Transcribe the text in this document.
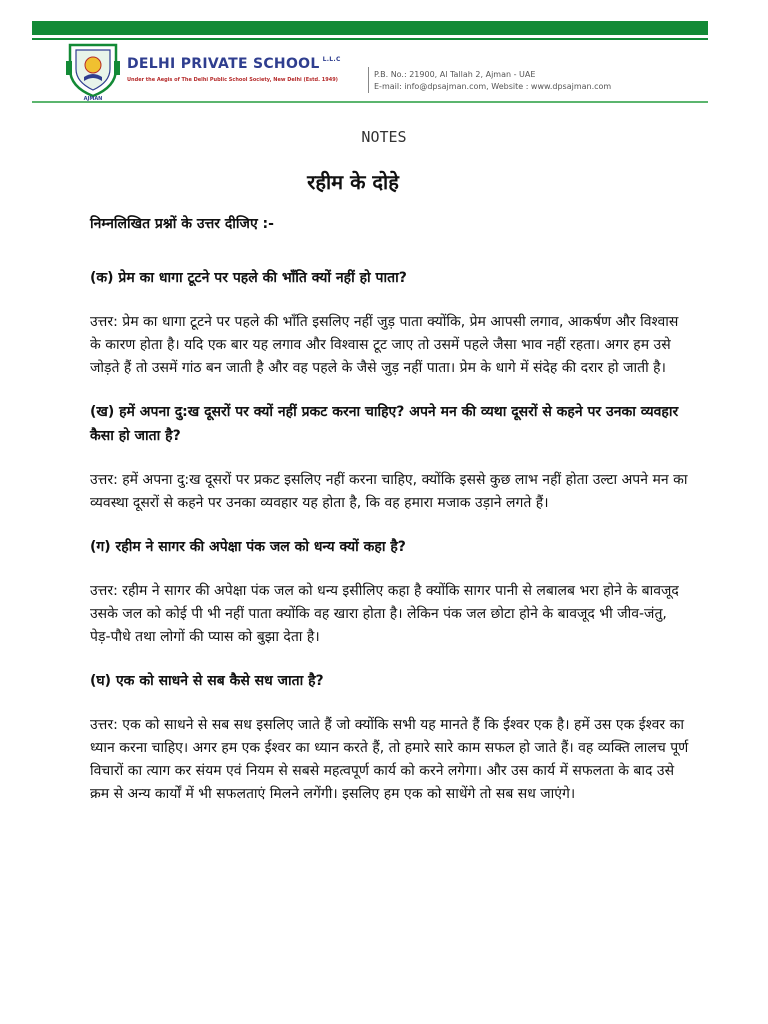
AJMAN
DELHI PRIVATE SCHOOL $^{L.L.C}$
Under the Aegis of The Delhi Public School Society, New Delhi (Estd. 1949)
P.B. No.: 21900, Al Tallah 2, Ajman - UAE
E-mail: info@dpsajman.com, Website : www.dpsajman.com
NOTES
रहीम के दोहे

निम्नलिखित प्रश्नों के उत्तर दीजिए :-

(क) प्रेम का धागा टूटने पर पहले की भाँति क्यों नहीं हो पाता?

उत्तर: प्रेम का धागा टूटने पर पहले की भाँति इसलिए नहीं जुड़ पाता क्योंकि, प्रेम आपसी लगाव, आकर्षण और विश्वास के कारण होता है। यदि एक बार यह लगाव और विश्वास टूट जाए तो उसमें पहले जैसा भाव नहीं रहता। अगर हम उसे जोड़ते हैं तो उसमें गांठ बन जाती है और वह पहले के जैसे जुड़ नहीं पाता। प्रेम के धागे में संदेह की दरार हो जाती है।

(ख) हमें अपना दु:ख दूसरों पर क्यों नहीं प्रकट करना चाहिए? अपने मन की व्यथा दूसरों से कहने पर उनका व्यवहार कैसा हो जाता है?

उत्तर: हमें अपना दु:ख दूसरों पर प्रकट इसलिए नहीं करना चाहिए, क्योंकि इससे कुछ लाभ नहीं होता उल्टा अपने मन का व्यवस्था दूसरों से कहने पर उनका व्यवहार यह होता है, कि वह हमारा मजाक उड़ाने लगते हैं।

(ग) रहीम ने सागर की अपेक्षा पंक जल को धन्य क्यों कहा है?

उत्तर: रहीम ने सागर की अपेक्षा पंक जल को धन्य इसीलिए कहा है क्योंकि सागर पानी से लबालब भरा होने के बावजूद उसके जल को कोई पी भी नहीं पाता क्योंकि वह खारा होता है। लेकिन पंक जल छोटा होने के बावजूद भी जीव-जंतु, पेड़-पौधे तथा लोगों की प्यास को बुझा देता है।

(घ) एक को साधने से सब कैसे सध जाता है?

उत्तर: एक को साधने से सब सध इसलिए जाते हैं जो क्योंकि सभी यह मानते हैं कि ईश्वर एक है। हमें उस एक ईश्वर का ध्यान करना चाहिए। अगर हम एक ईश्वर का ध्यान करते हैं, तो हमारे सारे काम सफल हो जाते हैं। वह व्यक्ति लालच पूर्ण विचारों का त्याग कर संयम एवं नियम से सबसे महत्वपूर्ण कार्य को करने लगेगा। और उस कार्य में सफलता के बाद उसे क्रम से अन्य कार्यों में भी सफलताएं मिलने लगेंगी। इसलिए हम एक को साधेंगे तो सब सध जाएंगे।
